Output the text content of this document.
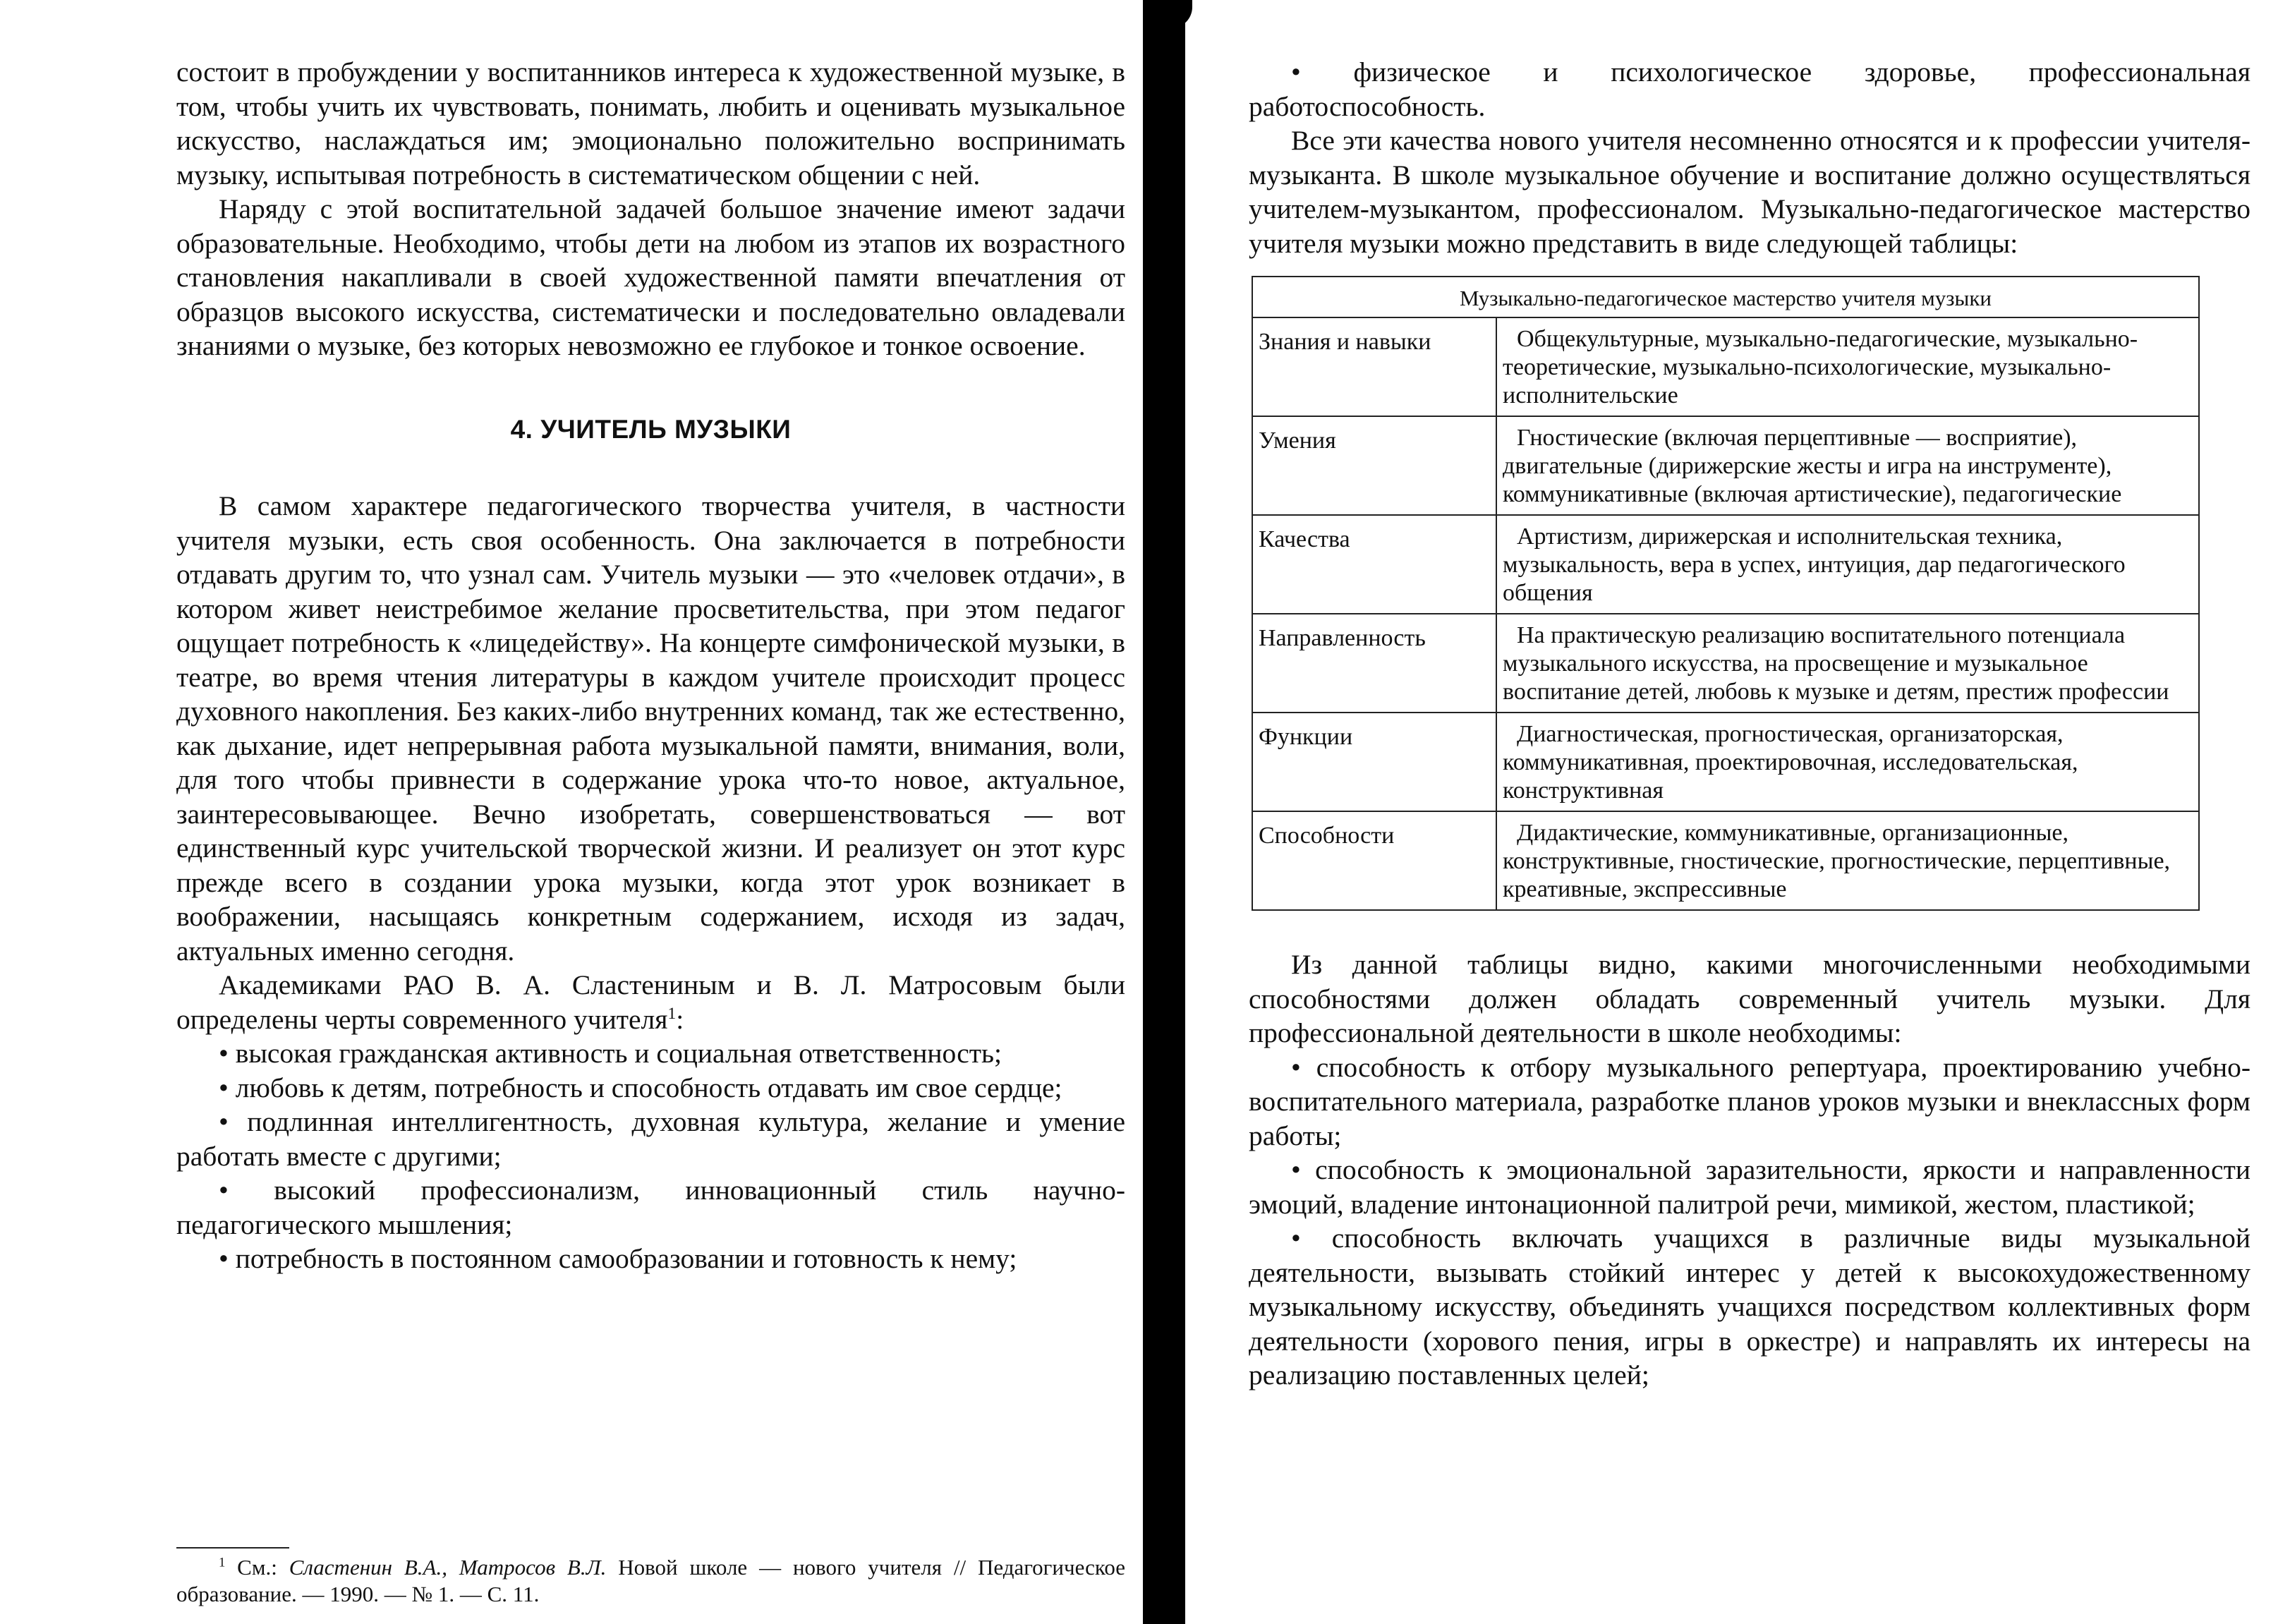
состоит в пробуждении у воспитанников интереса к художественной музыке, в том, чтобы учить их чувствовать, понимать, любить и оценивать музыкальное искусство, наслаждаться им; эмоционально положительно воспринимать музыку, испытывая потребность в систематическом общении с ней.

Наряду с этой воспитательной задачей большое значение имеют задачи образовательные. Необходимо, чтобы дети на любом из этапов их возрастного становления накапливали в своей художественной памяти впечатления от образцов высокого искусства, систематически и последовательно овладевали знаниями о музыке, без которых невозможно ее глубокое и тонкое освоение.

4. УЧИТЕЛЬ МУЗЫКИ

В самом характере педагогического творчества учителя, в частности учителя музыки, есть своя особенность. Она заключается в потребности отдавать другим то, что узнал сам. Учитель музыки — это «человек отдачи», в котором живет неистребимое желание просветительства, при этом педагог ощущает потребность к «лицедейству». На концерте симфонической музыки, в театре, во время чтения литературы в каждом учителе происходит процесс духовного накопления. Без каких-либо внутренних команд, так же естественно, как дыхание, идет непрерывная работа музыкальной памяти, внимания, воли, для того чтобы привнести в содержание урока что-то новое, актуальное, заинтересовывающее. Вечно изобретать, совершенствоваться — вот единственный курс учительской творческой жизни. И реализует он этот курс прежде всего в создании урока музыки, когда этот урок возникает в воображении, насыщаясь конкретным содержанием, исходя из задач, актуальных именно сегодня.

Академиками РАО В. А. Сластениным и В. Л. Матросовым были определены черты современного учителя$^1$:

• высокая гражданская активность и социальная ответственность;

• любовь к детям, потребность и способность отдавать им свое сердце;

• подлинная интеллигентность, духовная культура, желание и умение работать вместе с другими;

• высокий профессионализм, инновационный стиль научно-педагогического мышления;

• потребность в постоянном самообразовании и готовность к нему;

$^1$ См.: Сластенин В.А., Матросов В.Л. Новой школе — нового учителя // Педагогическое образование. — 1990. — № 1. — С. 11.

• физическое и психологическое здоровье, профессиональная работоспособность.

Все эти качества нового учителя несомненно относятся и к профессии учителя-музыканта. В школе музыкальное обучение и воспитание должно осуществляться учителем-музыкантом, профессионалом. Музыкально-педагогическое мастерство учителя музыки можно представить в виде следующей таблицы:

Музыкально-педагогическое мастерство учителя музыки	
Знания и навыки	Общекультурные, музыкально-педагогические, музыкально-теоретические, музыкально-психологические, музыкально-исполнительские
Умения	Гностические (включая перцептивные — восприятие), двигательные (дирижерские жесты и игра на инструменте), коммуникативные (включая артистические), педагогические
Качества	Артистизм, дирижерская и исполнительская техника, музыкальность, вера в успех, интуиция, дар педагогического общения
Направленность	На практическую реализацию воспитательного потенциала музыкального искусства, на просвещение и музыкальное воспитание детей, любовь к музыке и детям, престиж профессии
Функции	Диагностическая, прогностическая, организаторская, коммуникативная, проектировочная, исследовательская, конструктивная
Способности	Дидактические, коммуникативные, организационные, конструктивные, гностические, прогностические, перцептивные, креативные, экспрессивные

Из данной таблицы видно, какими многочисленными необходимыми способностями должен обладать современный учитель музыки. Для профессиональной деятельности в школе необходимы:

• способность к отбору музыкального репертуара, проектированию учебно-воспитательного материала, разработке планов уроков музыки и внеклассных форм работы;

• способность к эмоциональной заразительности, яркости и направленности эмоций, владение интонационной палитрой речи, мимикой, жестом, пластикой;

• способность включать учащихся в различные виды музыкальной деятельности, вызывать стойкий интерес у детей к высокохудожественному музыкальному искусству, объединять учащихся посредством коллективных форм деятельности (хорового пения, игры в оркестре) и направлять их интересы на реализацию поставленных целей;
